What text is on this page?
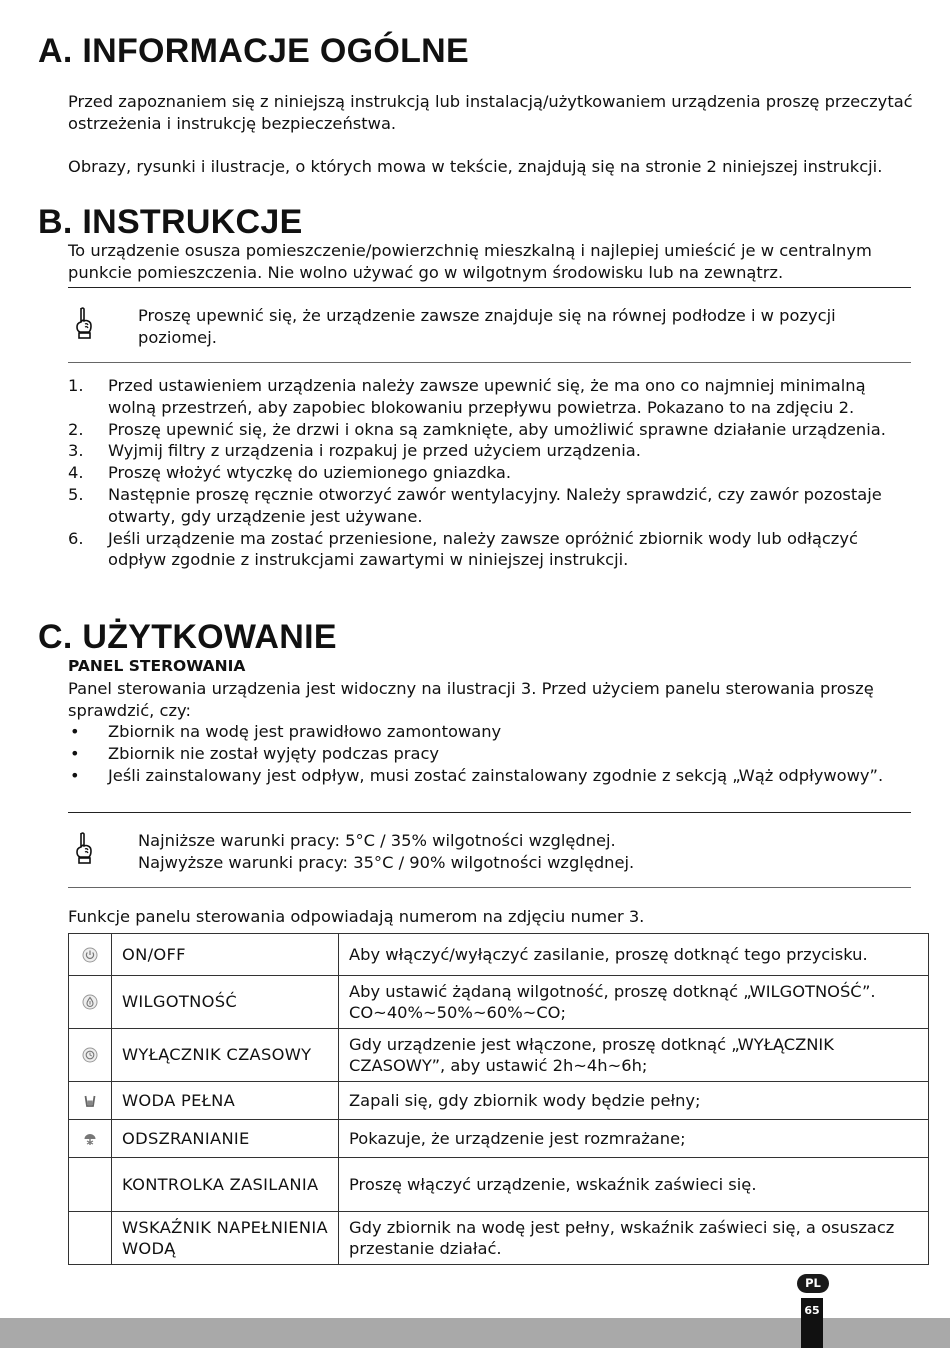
A. INFORMACJE OGÓLNE

Przed zapoznaniem się z niniejszą instrukcją lub instalacją/użytkowaniem urządzenia proszę przeczytać ostrzeżenia i instrukcję bezpieczeństwa.

Obrazy, rysunki i ilustracje, o których mowa w tekście, znajdują się na stronie 2 niniejszej instrukcji.

B. INSTRUKCJE

To urządzenie osusza pomieszczenie/powierzchnię mieszkalną i najlepiej umieścić je w centralnym punkcie pomieszczenia. Nie wolno używać go w wilgotnym środowisku lub na zewnątrz.

Proszę upewnić się, że urządzenie zawsze znajduje się na równej podłodze i w pozycji poziomej.
1.	Przed ustawieniem urządzenia należy zawsze upewnić się, że ma ono co najmniej minimalną wolną przestrzeń, aby zapobiec blokowaniu przepływu powietrza. Pokazano to na zdjęciu 2.
2.	Proszę upewnić się, że drzwi i okna są zamknięte, aby umożliwić sprawne działanie urządzenia.
3.	Wyjmij filtry z urządzenia i rozpakuj je przed użyciem urządzenia.
4.	Proszę włożyć wtyczkę do uziemionego gniazdka.
5.	Następnie proszę ręcznie otworzyć zawór wentylacyjny. Należy sprawdzić, czy zawór pozostaje otwarty, gdy urządzenie jest używane.
6.	Jeśli urządzenie ma zostać przeniesione, należy zawsze opróżnić zbiornik wody lub odłączyć odpływ zgodnie z instrukcjami zawartymi w niniejszej instrukcji.
C. UŻYTKOWANIE
PANEL STEROWANIA

Panel sterowania urządzenia jest widoczny na ilustracji 3. Przed użyciem panelu sterowania proszę sprawdzić, czy:

•	Zbiornik na wodę jest prawidłowo zamontowany
•	Zbiornik nie został wyjęty podczas pracy
•	Jeśli zainstalowany jest odpływ, musi zostać zainstalowany zgodnie z sekcją „Wąż odpływowy”.
Najniższe warunki pracy: 5°C / 35% wilgotności względnej.
Najwyższe warunki pracy: 35°C / 90% wilgotności względnej.

Funkcje panelu sterowania odpowiadają numerom na zdjęciu numer 3.

	ON/OFF	Aby włączyć/wyłączyć zasilanie, proszę dotknąć tego przycisku.

	WILGOTNOŚĆ	Aby ustawić żądaną wilgotność, proszę dotknąć „WILGOTNOŚĆ”. CO~40%~50%~60%~CO;

	WYŁĄCZNIK CZASOWY	Gdy urządzenie jest włączone, proszę dotknąć „WYŁĄCZNIK CZASOWY”, aby ustawić 2h~4h~6h;

	WODA PEŁNA	Zapali się, gdy zbiornik wody będzie pełny;

	ODSZRANIANIE	Pokazuje, że urządzenie jest rozmrażane;
	KONTROLKA ZASILANIA	Proszę włączyć urządzenie, wskaźnik zaświeci się.
	WSKAŹNIK NAPEŁNIENIA WODĄ	Gdy zbiornik na wodę jest pełny, wskaźnik zaświeci się, a osuszacz przestanie działać.
PL
65
